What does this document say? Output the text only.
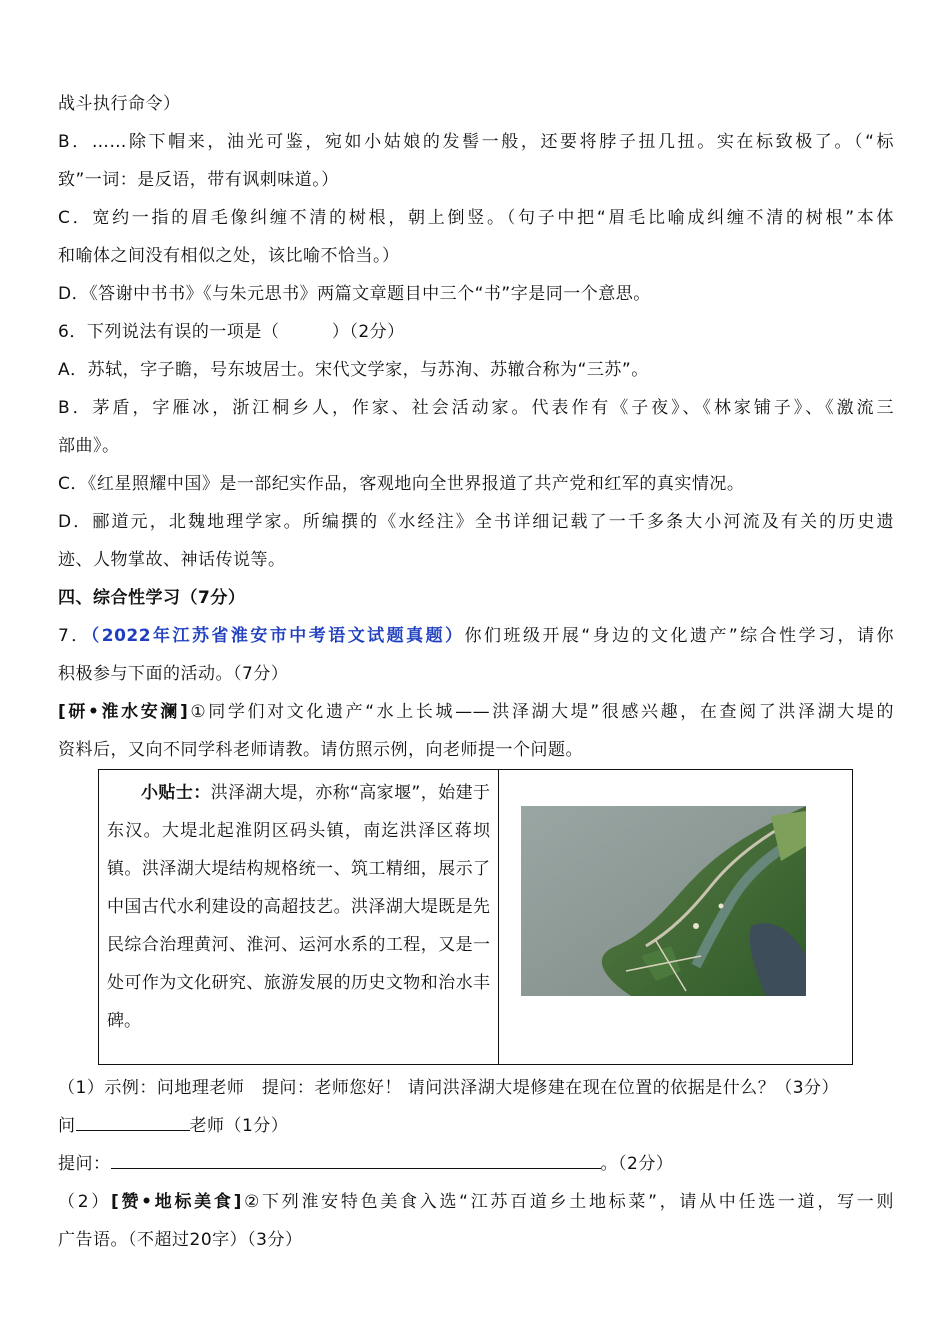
战斗执行命令）
B．……除下帽来，油光可鉴，宛如小姑娘的发髻一般，还要将脖子扭几扭。实在标致极了。（“标
致”一词：是反语，带有讽刺味道。）
C．宽约一指的眉毛像纠缠不清的树根，朝上倒竖。（句子中把“眉毛比喻成纠缠不清的树根”本体
和喻体之间没有相似之处，该比喻不恰当。）
D．《答谢中书书》《与朱元思书》两篇文章题目中三个“书”字是同一个意思。
6．下列说法有误的一项是（　　　）（2分）
A．苏轼，字子瞻，号东坡居士。宋代文学家，与苏洵、苏辙合称为“三苏”。
B．茅盾，字雁冰，浙江桐乡人，作家、社会活动家。代表作有《子夜》、《林家铺子》、《激流三
部曲》。
C．《红星照耀中国》是一部纪实作品，客观地向全世界报道了共产党和红军的真实情况。
D．郦道元，北魏地理学家。所编撰的《水经注》全书详细记载了一千多条大小河流及有关的历史遗
迹、人物掌故、神话传说等。
四、综合性学习（7分）
7．（2022年江苏省淮安市中考语文试题真题）你们班级开展“身边的文化遗产”综合性学习，请你
积极参与下面的活动。（7分）
[研•淮水安澜]①同学们对文化遗产“水上长城——洪泽湖大堤”很感兴趣，在查阅了洪泽湖大堤的
资料后，又向不同学科老师请教。请仿照示例，向老师提一个问题。
小贴士：洪泽湖大堤，亦称“高家堰”，始建于东汉。大堤北起淮阴区码头镇，南迄洪泽区蒋坝镇。洪泽湖大堤结构规格统一、筑工精细，展示了中国古代水利建设的高超技艺。洪泽湖大堤既是先民综合治理黄河、淮河、运河水系的工程，又是一处可作为文化研究、旅游发展的历史文物和治水丰碑。

（1）示例：问地理老师　提问：老师您好！ 请问洪泽湖大堤修建在现在位置的依据是什么？（3分）
问	老师（1分）
提问：	。（2分）
（2）[赞•地标美食]②下列淮安特色美食入选“江苏百道乡土地标菜”，请从中任选一道，写一则
广告语。（不超过20字）（3分）
